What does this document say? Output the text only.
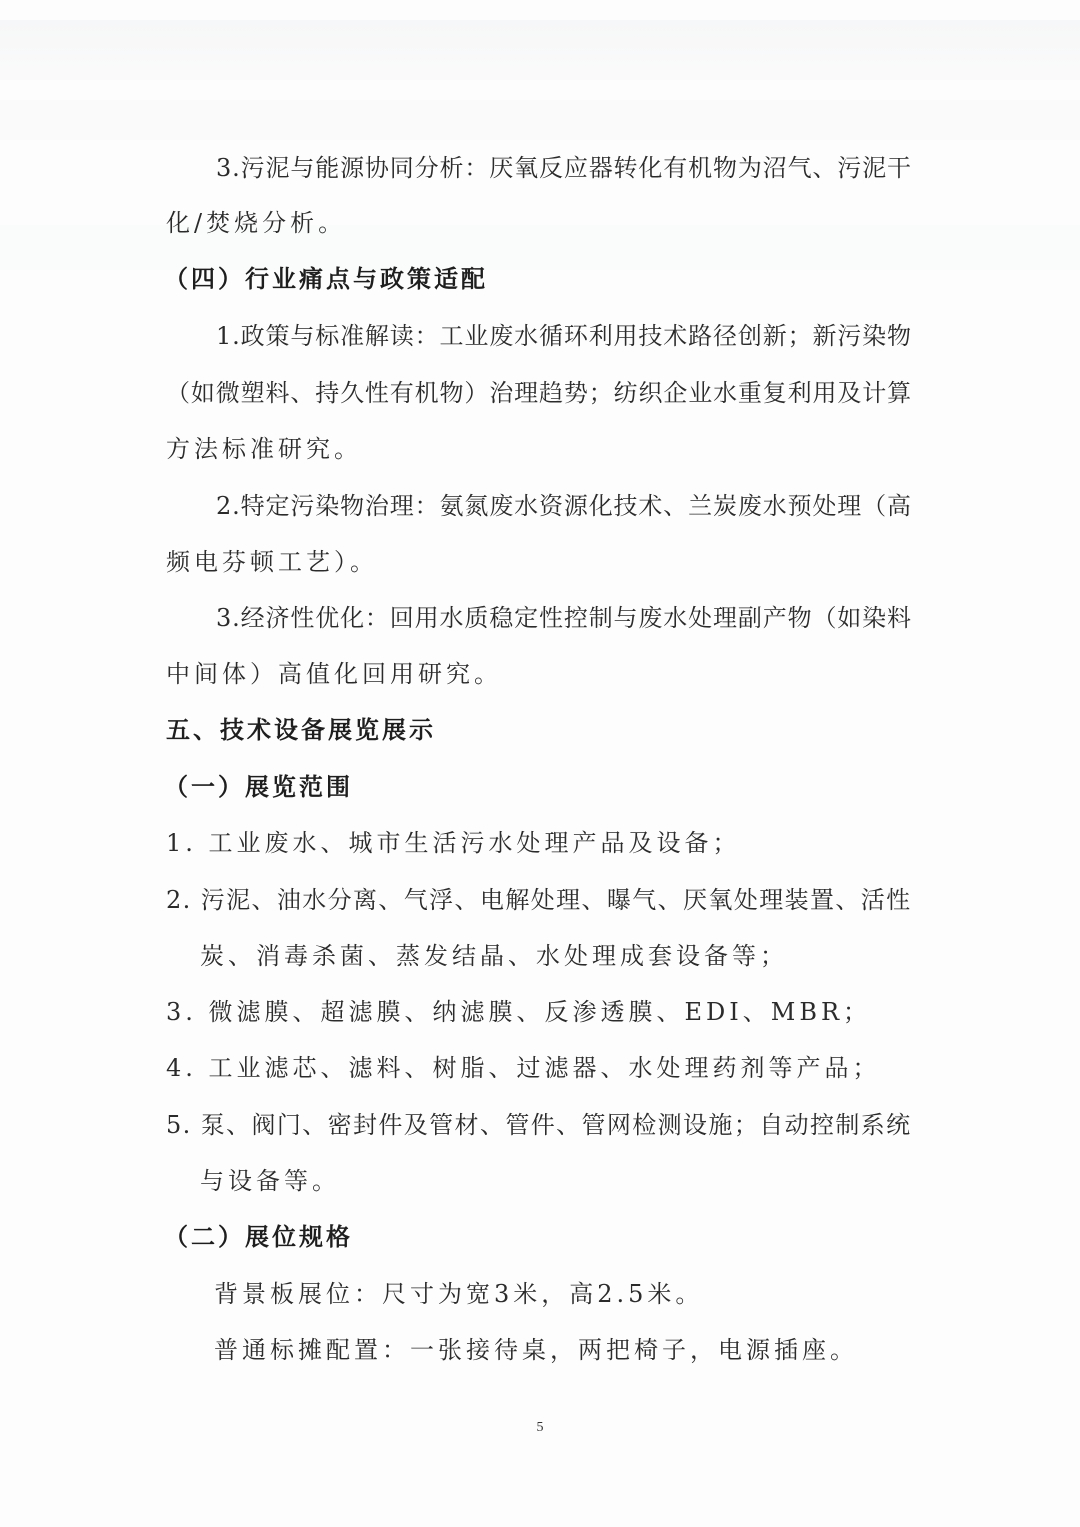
3.污泥与能源协同分析：厌氧反应器转化有机物为沼气、污泥干
化/焚烧分析。
（四）行业痛点与政策适配
1.政策与标准解读：工业废水循环利用技术路径创新；新污染物
（如微塑料、持久性有机物）治理趋势；纺织企业水重复利用及计算
方法标准研究。
2.特定污染物治理：氨氮废水资源化技术、兰炭废水预处理（高
频电芬顿工艺）。
3.经济性优化：回用水质稳定性控制与废水处理副产物（如染料
中间体）高值化回用研究。
五、技术设备展览展示
（一）展览范围
1. 工业废水、城市生活污水处理产品及设备；
2. 污泥、油水分离、气浮、电解处理、曝气、厌氧处理装置、活性
炭、消毒杀菌、蒸发结晶、水处理成套设备等；
3. 微滤膜、超滤膜、纳滤膜、反渗透膜、EDI、MBR；
4. 工业滤芯、滤料、树脂、过滤器、水处理药剂等产品；
5. 泵、阀门、密封件及管材、管件、管网检测设施；自动控制系统
与设备等。
（二）展位规格
背景板展位：尺寸为宽3米，高2.5米。
普通标摊配置：一张接待桌，两把椅子，电源插座。
5
